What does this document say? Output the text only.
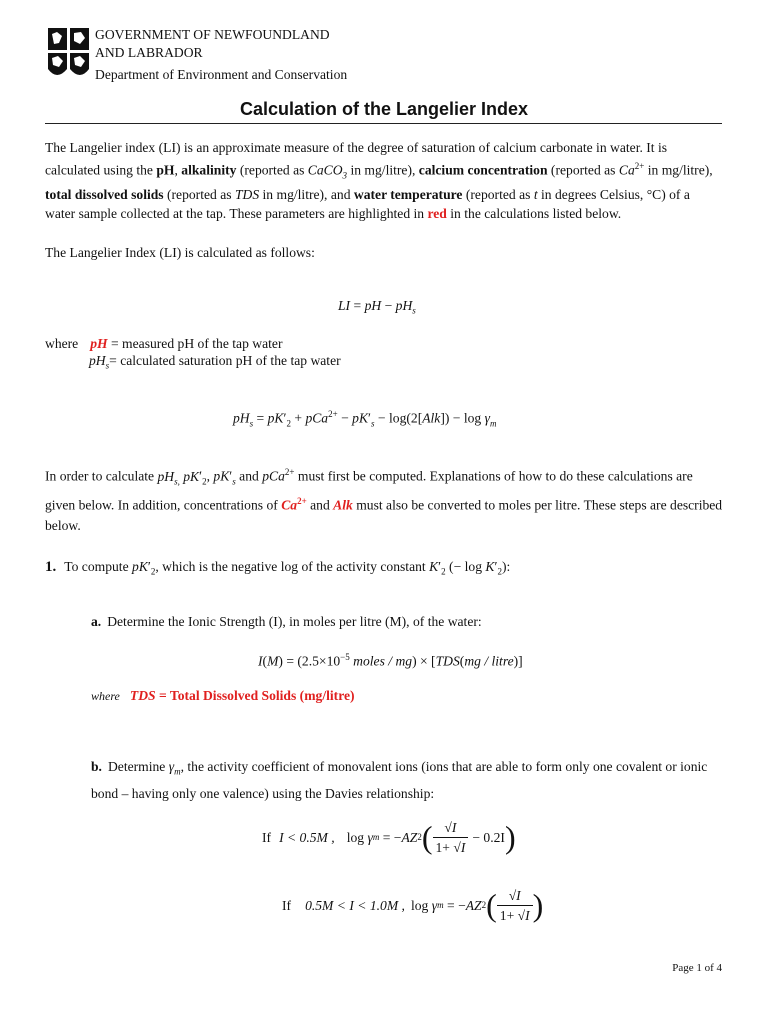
GOVERNMENT OF NEWFOUNDLAND
AND LABRADOR
Department of Environment and Conservation
Calculation of the Langelier Index
The Langelier index (LI) is an approximate measure of the degree of saturation of calcium carbonate in water. It is calculated using the pH, alkalinity (reported as CaCO$_3$ in mg/litre), calcium concentration (reported as $Ca^{2+}$ in mg/litre), total dissolved solids (reported as TDS in mg/litre), and water temperature (reported as t in degrees Celsius, °C) of a water sample collected at the tap. These parameters are highlighted in red in the calculations listed below.
The Langelier Index (LI) is calculated as follows:
LI = pH − $pH_s$
where pH = measured pH of the tap water
$pH_s=$ calculated saturation pH of the tap water
$pH_s = pK'_2 + pCa^{2+} - pK'_s - \log(2[Alk]) - \log \gamma_m$
In order to calculate $pH_{s,}$ $pK'_2$, $pK'_s$ and pCa$^{2+}$ must first be computed. Explanations of how to do these calculations are given below. In addition, concentrations of $Ca^{2+}$ and Alk must also be converted to moles per litre. These steps are described below.
1. To compute $pK'_2$, which is the negative log of the activity constant $K'_2$ (− $\log K'_2$):
a. Determine the Ionic Strength (I), in moles per litre (M), of the water:
$I(M) = (2.5\times 10^{-5}$ moles / mg) × [TDS(mg / litre)]
where TDS = Total Dissolved Solids (mg/litre)
b. Determine $\gamma_m$, the activity coefficient of monovalent ions (ions that are able to form only one covalent or ionic bond – having only one valence) using the Davies relationship:
If I < 0.5M , log γ m = − AZ 2 ( $\frac{√I}{1+ √I} - 0.2I$ )
If 0.5M < I < 1.0M , log γ m = − AZ 2 ( $\frac{√I}{1+ √I}$ )
Page 1 of 4
